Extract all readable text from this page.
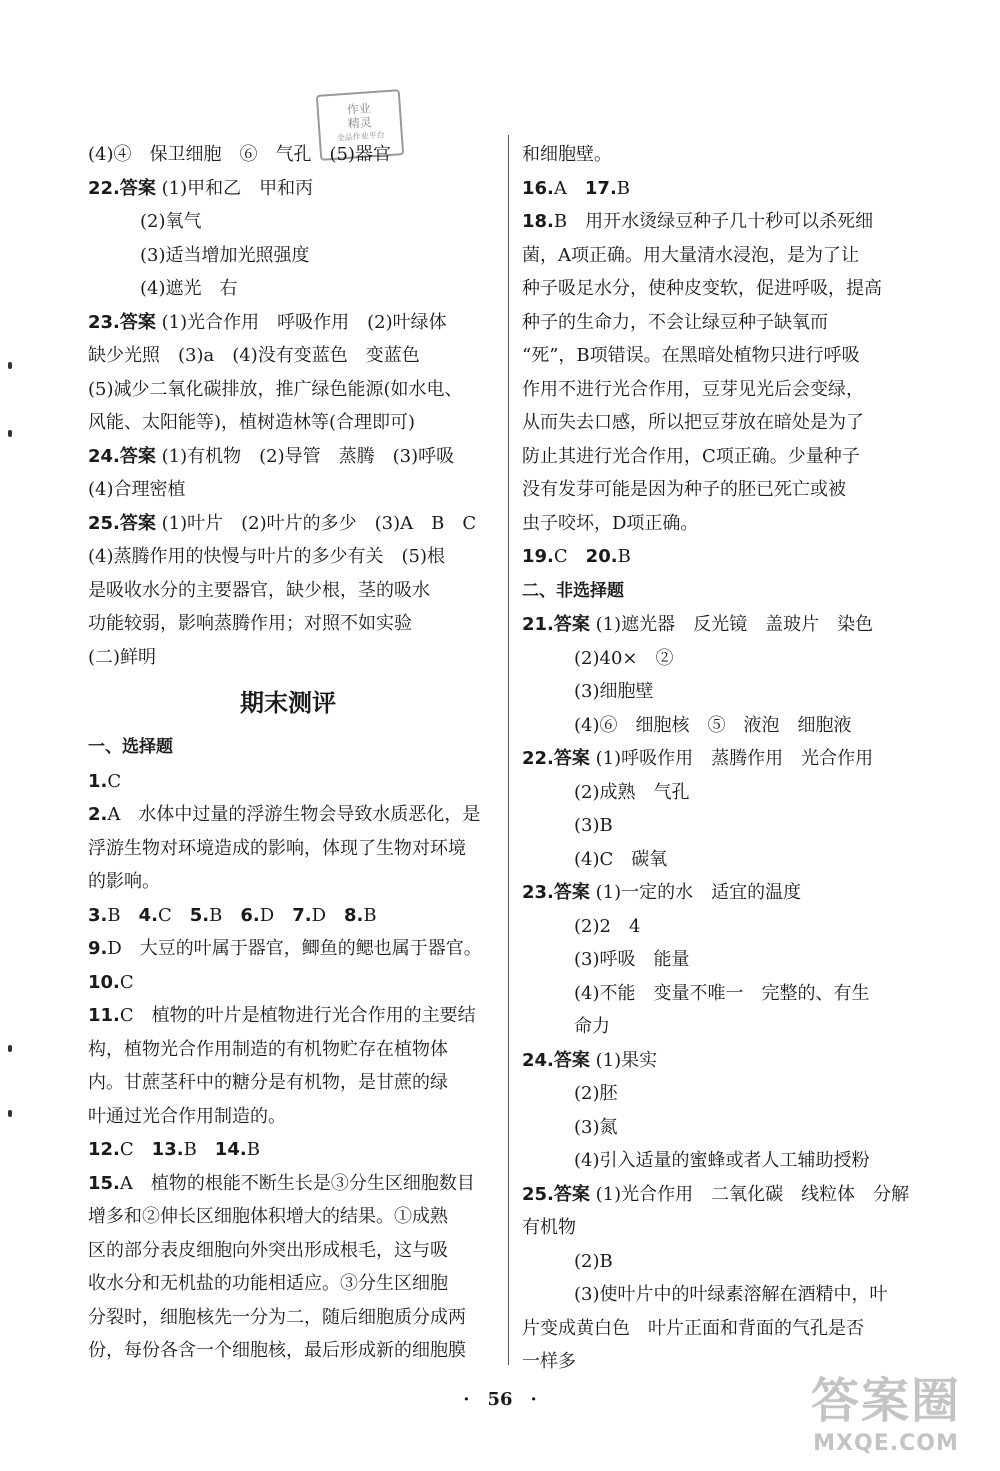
作业
精灵
全品作业平台
(4)④　保卫细胞　⑥　气孔　(5)器官
22.答案 (1)甲和乙　甲和丙
(2)氧气
(3)适当增加光照强度
(4)遮光　右
23.答案 (1)光合作用　呼吸作用　(2)叶绿体
缺少光照　(3)a　(4)没有变蓝色　变蓝色
(5)减少二氧化碳排放，推广绿色能源(如水电、
风能、太阳能等)，植树造林等(合理即可)
24.答案 (1)有机物　(2)导管　蒸腾　(3)呼吸
(4)合理密植
25.答案 (1)叶片　(2)叶片的多少　(3)A　B　C
(4)蒸腾作用的快慢与叶片的多少有关　(5)根
是吸收水分的主要器官，缺少根，茎的吸水
功能较弱，影响蒸腾作用；对照不如实验
(二)鲜明
期末测评
一、选择题
1.C
2.A　水体中过量的浮游生物会导致水质恶化，是
浮游生物对环境造成的影响，体现了生物对环境
的影响。
3.B　4.C　5.B　6.D　7.D　8.B
9.D　大豆的叶属于器官，鲫鱼的鳃也属于器官。
10.C
11.C　植物的叶片是植物进行光合作用的主要结
构，植物光合作用制造的有机物贮存在植物体
内。甘蔗茎秆中的糖分是有机物，是甘蔗的绿
叶通过光合作用制造的。
12.C　13.B　14.B
15.A　植物的根能不断生长是③分生区细胞数目
增多和②伸长区细胞体积增大的结果。①成熟
区的部分表皮细胞向外突出形成根毛，这与吸
收水分和无机盐的功能相适应。③分生区细胞
分裂时，细胞核先一分为二，随后细胞质分成两
份，每份各含一个细胞核，最后形成新的细胞膜
和细胞壁。
16.A　17.B
18.B　用开水烫绿豆种子几十秒可以杀死细
菌，A项正确。用大量清水浸泡，是为了让
种子吸足水分，使种皮变软，促进呼吸，提高
种子的生命力，不会让绿豆种子缺氧而
“死”，B项错误。在黑暗处植物只进行呼吸
作用不进行光合作用，豆芽见光后会变绿，
从而失去口感，所以把豆芽放在暗处是为了
防止其进行光合作用，C项正确。少量种子
没有发芽可能是因为种子的胚已死亡或被
虫子咬坏，D项正确。
19.C　20.B
二、非选择题
21.答案 (1)遮光器　反光镜　盖玻片　染色
(2)40×　②
(3)细胞壁
(4)⑥　细胞核　⑤　液泡　细胞液
22.答案 (1)呼吸作用　蒸腾作用　光合作用
(2)成熟　气孔
(3)B
(4)C　碳氧
23.答案 (1)一定的水　适宜的温度
(2)2　4
(3)呼吸　能量
(4)不能　变量不唯一　完整的、有生
命力
24.答案 (1)果实
(2)胚
(3)氮
(4)引入适量的蜜蜂或者人工辅助授粉
25.答案 (1)光合作用　二氧化碳　线粒体　分解
有机物
(2)B
(3)使叶片中的叶绿素溶解在酒精中，叶
片变成黄白色　叶片正面和背面的气孔是否
一样多
·　56　·	答案圈
MXQE.COM
